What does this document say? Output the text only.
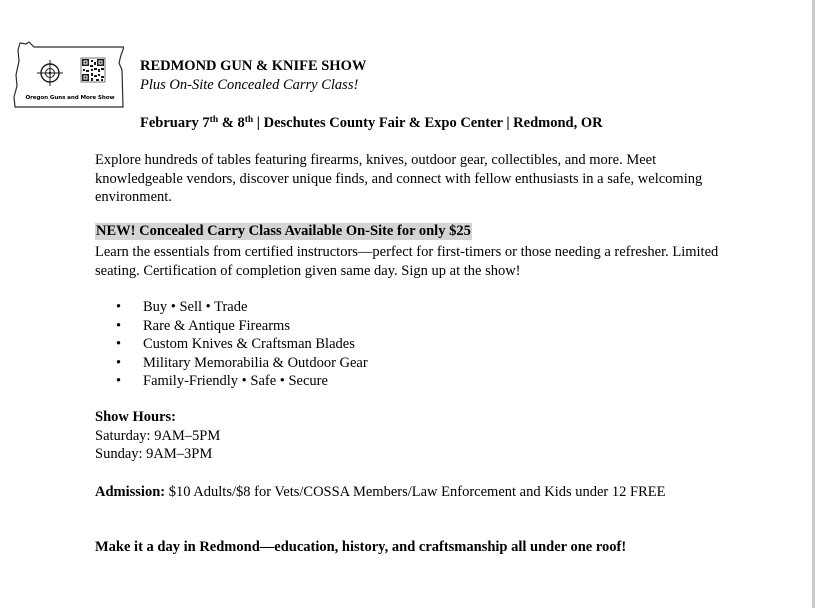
Oregon Guns and More Show
REDMOND GUN & KNIFE SHOW
Plus On-Site Concealed Carry Class!
February 7th & 8th | Deschutes County Fair & Expo Center | Redmond, OR
Explore hundreds of tables featuring firearms, knives, outdoor gear, collectibles, and more. Meet knowledgeable vendors, discover unique finds, and connect with fellow enthusiasts in a safe, welcoming environment.
NEW! Concealed Carry Class Available On-Site for only $25
Learn the essentials from certified instructors—perfect for first-timers or those needing a refresher. Limited seating. Certification of completion given same day. Sign up at the show!
• Buy • Sell • Trade
• Rare & Antique Firearms
• Custom Knives & Craftsman Blades
• Military Memorabilia & Outdoor Gear
• Family-Friendly • Safe • Secure
Show Hours:
Saturday: 9AM–5PM
Sunday: 9AM–3PM
Admission: $10 Adults/$8 for Vets/COSSA Members/Law Enforcement and Kids under 12 FREE
Make it a day in Redmond—education, history, and craftsmanship all under one roof!
